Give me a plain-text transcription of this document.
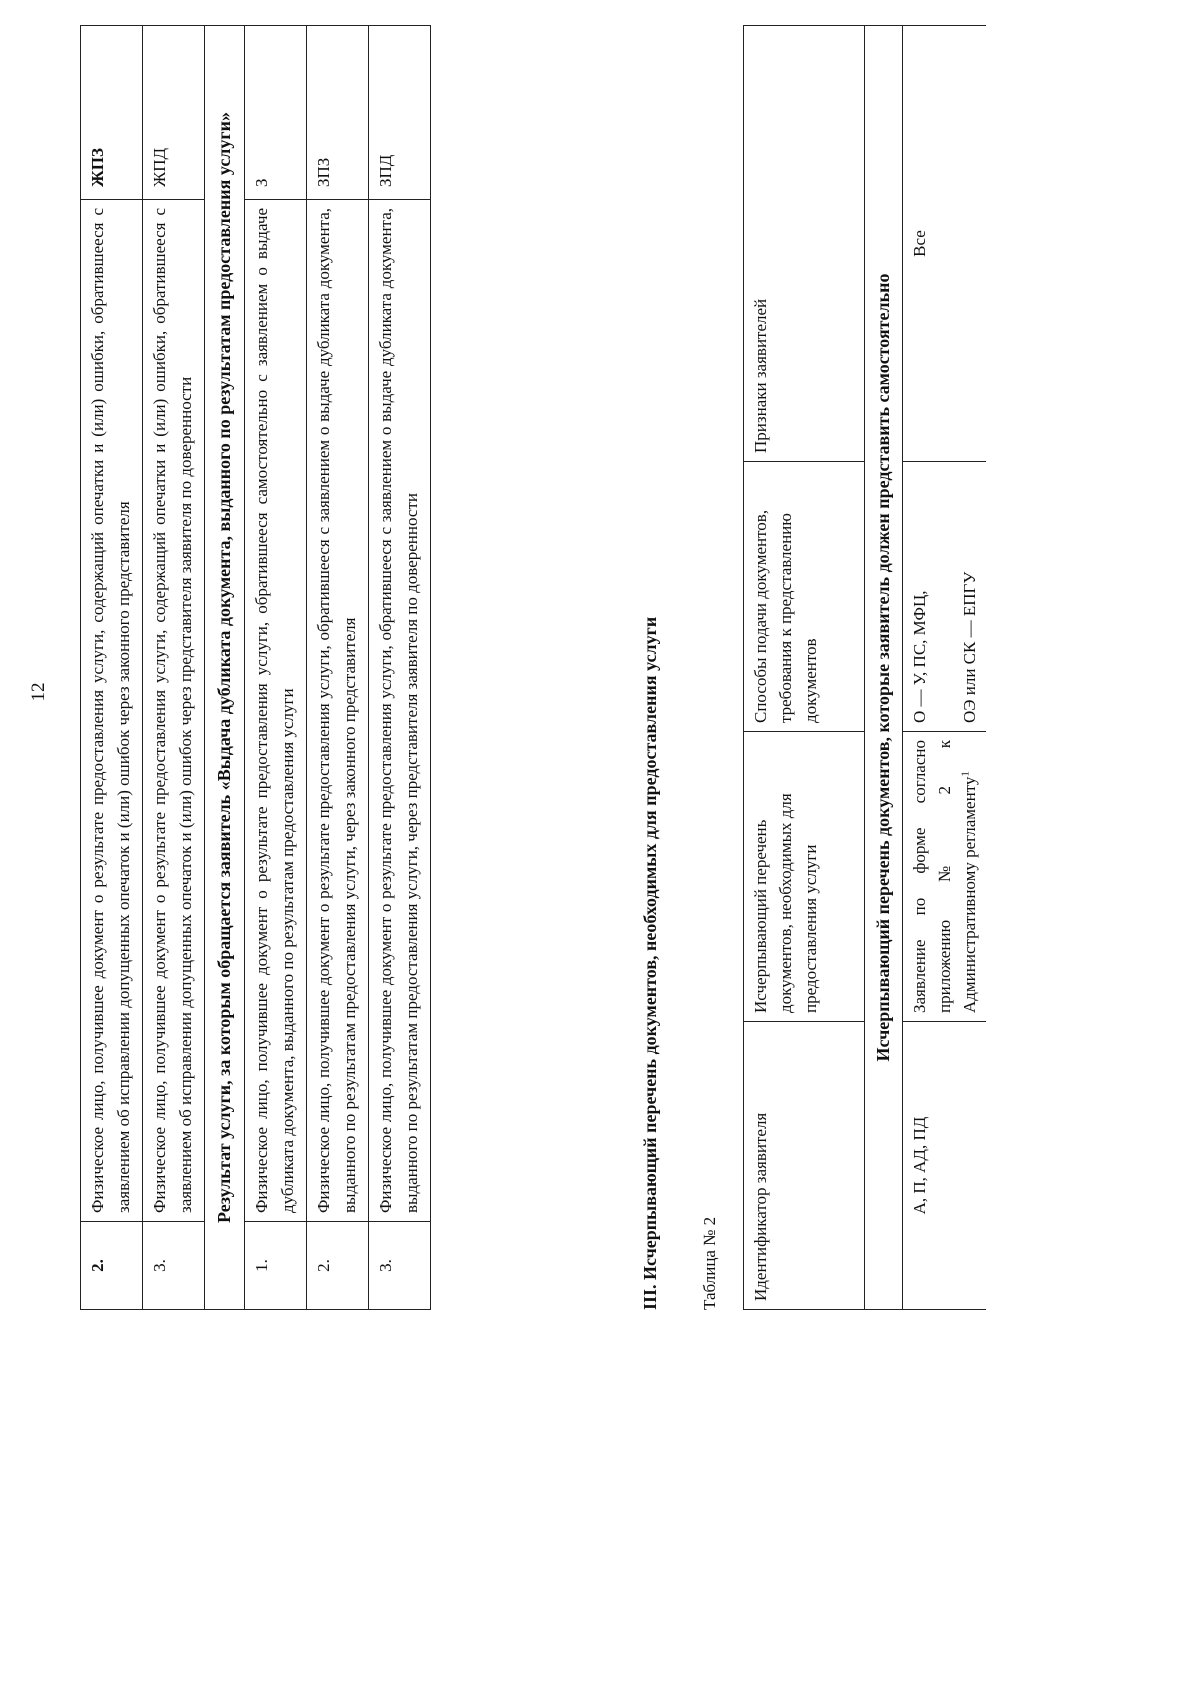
12
2.	Физическое лицо, получившее документ о результате предоставления услуги, содержащий опечатки и (или) ошибки, обратившееся с заявлением об исправлении допущенных опечаток и (или) ошибок через законного представителя	ЖПЗ
3.	Физическое лицо, получившее документ о результате предоставления услуги, содержащий опечатки и (или) ошибки, обратившееся с заявлением об исправлении допущенных опечаток и (или) ошибок через представителя заявителя по доверенности	ЖПД
Результат услуги, за которым обращается заявитель «Выдача дубликата документа, выданного по результатам предоставления услуги»		
1.	Физическое лицо, получившее документ о результате предоставления услуги, обратившееся самостоятельно с заявлением о выдаче дубликата документа, выданного по результатам предоставления услуги	З
2.	Физическое лицо, получившее документ о результате предоставления услуги, обратившееся с заявлением о выдаче дубликата документа, выданного по результатам предоставления услуги, через законного представителя	ЗПЗ
3.	Физическое лицо, получившее документ о результате предоставления услуги, обратившееся с заявлением о выдаче дубликата документа, выданного по результатам предоставления услуги, через представителя заявителя по доверенности	ЗПД
III. Исчерпывающий перечень документов, необходимых для предоставления услуги Таблица № 2 Идентификатор заявителя	Исчерпывающий перечень документов, необходимых для предоставления услуги	Способы подачи документов, требования к представлению документов	Признаки заявителей
Исчерпывающий перечень документов, которые заявитель должен представить самостоятельно			
А, П, АД, ПД	Заявление по форме согласно приложению № 2 к Административному регламенту$^1$	О — У, ПС, МФЦ, ОЭ или СК — ЕПГУ	Все
